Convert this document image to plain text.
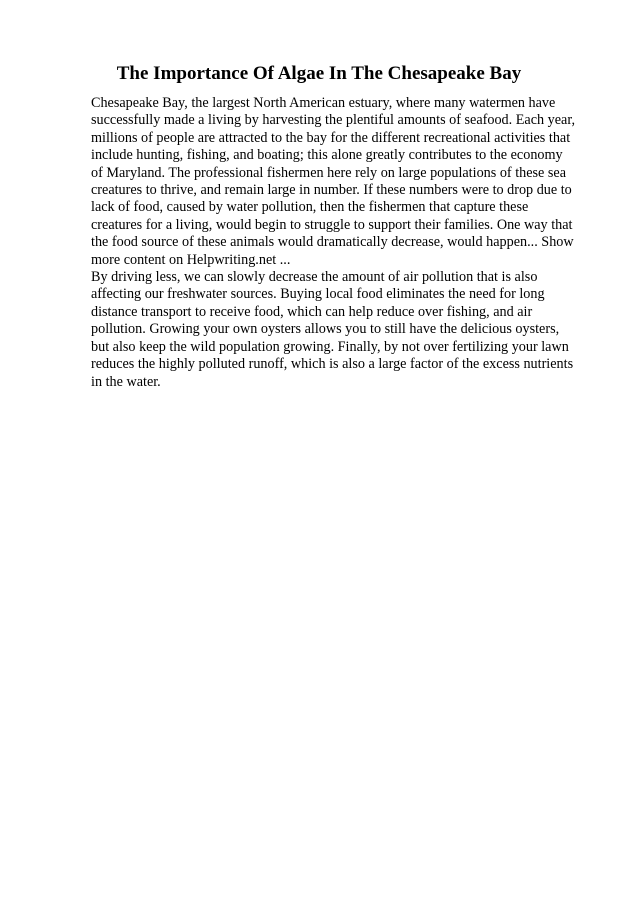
The Importance Of Algae In The Chesapeake Bay
Chesapeake Bay, the largest North American estuary, where many watermen have
successfully made a living by harvesting the plentiful amounts of seafood. Each year,
millions of people are attracted to the bay for the different recreational activities that
include hunting, fishing, and boating; this alone greatly contributes to the economy
of Maryland. The professional fishermen here rely on large populations of these sea
creatures to thrive, and remain large in number. If these numbers were to drop due to
lack of food, caused by water pollution, then the fishermen that capture these
creatures for a living, would begin to struggle to support their families. One way that
the food source of these animals would dramatically decrease, would happen... Show
more content on Helpwriting.net ...
By driving less, we can slowly decrease the amount of air pollution that is also
affecting our freshwater sources. Buying local food eliminates the need for long
distance transport to receive food, which can help reduce over fishing, and air
pollution. Growing your own oysters allows you to still have the delicious oysters,
but also keep the wild population growing. Finally, by not over fertilizing your lawn
reduces the highly polluted runoff, which is also a large factor of the excess nutrients
in the water.
